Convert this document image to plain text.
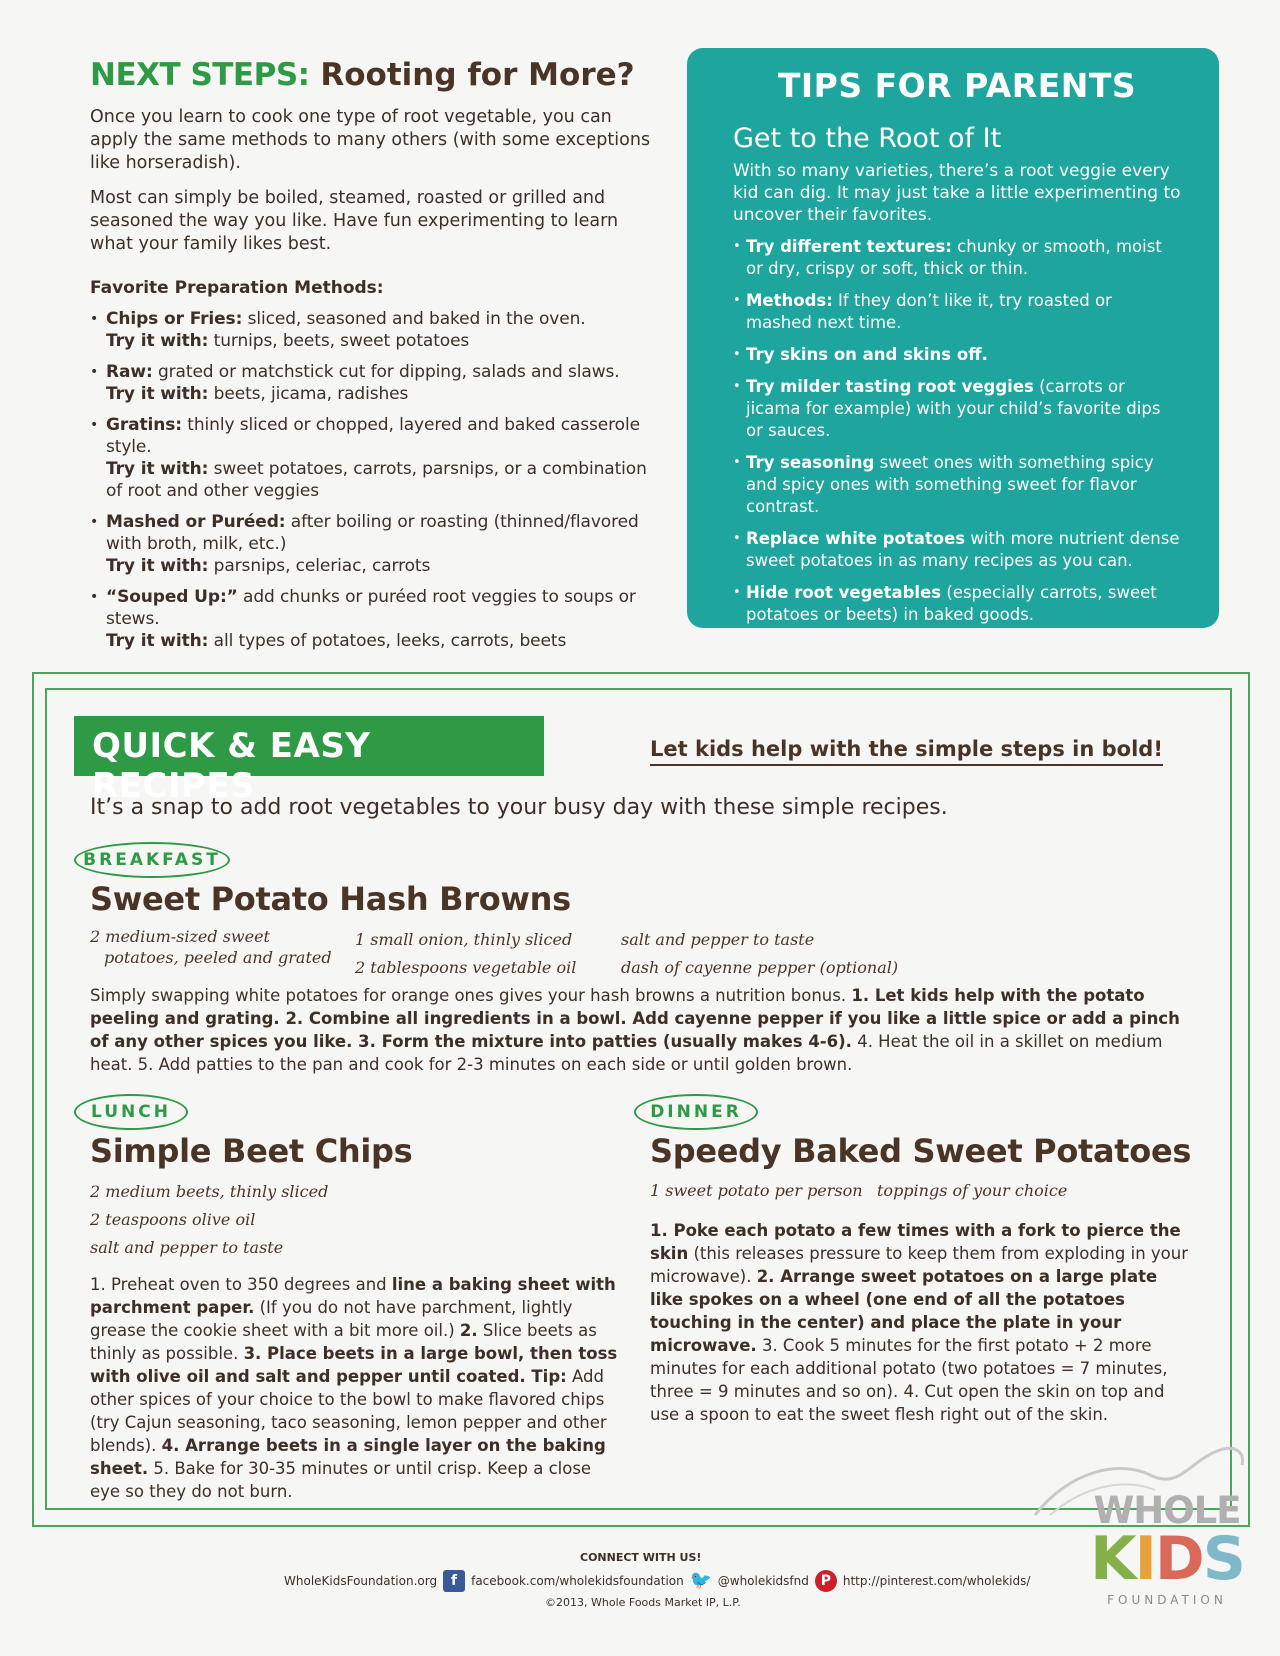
NEXT STEPS: Rooting for More?

Once you learn to cook one type of root vegetable, you can apply the same methods to many others (with some exceptions like horseradish).

Most can simply be boiled, steamed, roasted or grilled and seasoned the way you like. Have fun experimenting to learn what your family likes best.

Favorite Preparation Methods:
• Chips or Fries: sliced, seasoned and baked in the oven.
Try it with: turnips, beets, sweet potatoes
• Raw: grated or matchstick cut for dipping, salads and slaws.
Try it with: beets, jicama, radishes
• Gratins: thinly sliced or chopped, layered and baked casserole style.
Try it with: sweet potatoes, carrots, parsnips, or a combination of root and other veggies
• Mashed or Puréed: after boiling or roasting (thinned/flavored with broth, milk, etc.)
Try it with: parsnips, celeriac, carrots
• “Souped Up:” add chunks or puréed root veggies to soups or stews.
Try it with: all types of potatoes, leeks, carrots, beets
TIPS FOR PARENTS
Get to the Root of It

With so many varieties, there’s a root veggie every kid can dig. It may just take a little experimenting to uncover their favorites.

• Try different textures: chunky or smooth, moist or dry, crispy or soft, thick or thin.
• Methods: If they don’t like it, try roasted or mashed next time.
• Try skins on and skins off.
• Try milder tasting root veggies (carrots or jicama for example) with your child’s favorite dips or sauces.
• Try seasoning sweet ones with something spicy and spicy ones with something sweet for flavor contrast.
• Replace white potatoes with more nutrient dense sweet potatoes in as many recipes as you can.
• Hide root vegetables (especially carrots, sweet potatoes or beets) in baked goods.
QUICK & EASY RECIPES
Let kids help with the simple steps in bold!
It’s a snap to add root vegetables to your busy day with these simple recipes.
BREAKFAST
Sweet Potato Hash Browns
2 medium-sized sweet
potatoes, peeled and grated
1 small onion, thinly sliced
2 tablespoons vegetable oil
salt and pepper to taste
dash of cayenne pepper (optional)

Simply swapping white potatoes for orange ones gives your hash browns a nutrition bonus. 1. Let kids help with the potato peeling and grating. 2. Combine all ingredients in a bowl. Add cayenne pepper if you like a little spice or add a pinch of any other spices you like. 3. Form the mixture into patties (usually makes 4-6). 4. Heat the oil in a skillet on medium heat. 5. Add patties to the pan and cook for 2-3 minutes on each side or until golden brown.

LUNCH
Simple Beet Chips
2 medium beets, thinly sliced
2 teaspoons olive oil
salt and pepper to taste

1. Preheat oven to 350 degrees and line a baking sheet with parchment paper. (If you do not have parchment, lightly grease the cookie sheet with a bit more oil.) 2. Slice beets as thinly as possible. 3. Place beets in a large bowl, then toss with olive oil and salt and pepper until coated. Tip: Add other spices of your choice to the bowl to make flavored chips (try Cajun seasoning, taco seasoning, lemon pepper and other blends). 4. Arrange beets in a single layer on the baking sheet. 5. Bake for 30-35 minutes or until crisp. Keep a close eye so they do not burn.

DINNER
Speedy Baked Sweet Potatoes
1 sweet potato per person toppings of your choice

1. Poke each potato a few times with a fork to pierce the skin (this releases pressure to keep them from exploding in your microwave). 2. Arrange sweet potatoes on a large plate like spokes on a wheel (one end of all the potatoes touching in the center) and place the plate in your microwave. 3. Cook 5 minutes for the first potato + 2 more minutes for each additional potato (two potatoes = 7 minutes, three = 9 minutes and so on). 4. Cut open the skin on top and use a spoon to eat the sweet flesh right out of the skin.

WHOLE
KIDS
FOUNDATION
CONNECT WITH US!
WholeKidsFoundation.org f	facebook.com/wholekidsfoundation 🐦 @wholekidsfnd P http://pinterest.com/wholekids/
©2013, Whole Foods Market IP, L.P.
